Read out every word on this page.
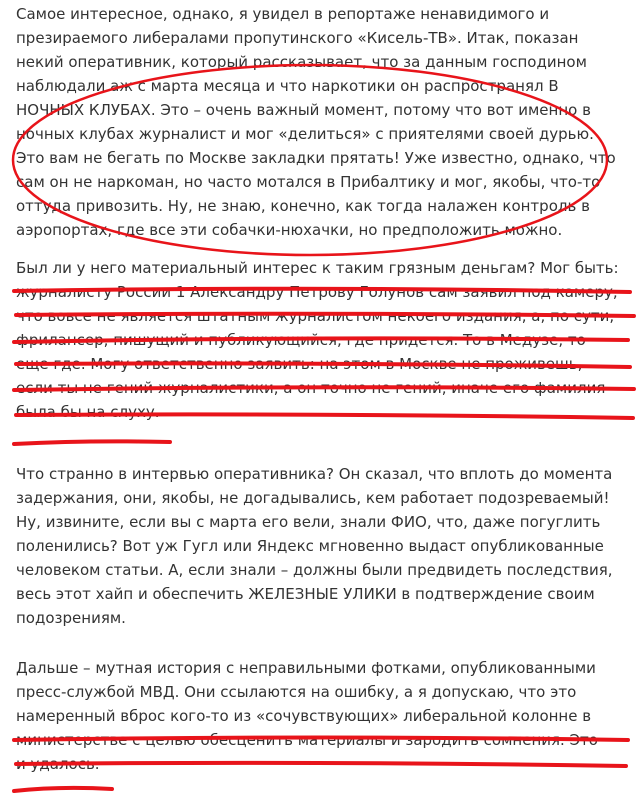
Самое интересное, однако, я увидел в репортаже ненавидимого и
презираемого либералами пропутинского «Кисель-ТВ». Итак, показан
некий оперативник, который рассказывает, что за данным господином
наблюдали аж с марта месяца и что наркотики он распространял В
НОЧНЫХ КЛУБАХ. Это – очень важный момент, потому что вот именно в
ночных клубах журналист и мог «делиться» с приятелями своей дурью.
Это вам не бегать по Москве закладки прятать! Уже известно, однако, что
сам он не наркоман, но часто мотался в Прибалтику и мог, якобы, что-то
оттуда привозить. Ну, не знаю, конечно, как тогда налажен контроль в
аэропортах, где все эти собачки-нюхачки, но предположить можно.
Был ли у него материальный интерес к таким грязным деньгам? Мог быть:
журналисту России 1 Александру Петрову Голунов сам заявил под камеру,
что вовсе не является штатным журналистом некоего издания, а, по сути,
фрилансер, пишущий и публикующийся, где придется. То в Медузе, то
еще где. Могу ответственно заявить: на этом в Москве не проживешь,
если ты не гений журналистики, а он точно не гений, иначе его фамилия
была бы на слуху.
Что странно в интервью оперативника? Он сказал, что вплоть до момента
задержания, они, якобы, не догадывались, кем работает подозреваемый!
Ну, извините, если вы с марта его вели, знали ФИО, что, даже погуглить
поленились? Вот уж Гугл или Яндекс мгновенно выдаст опубликованные
человеком статьи. А, если знали – должны были предвидеть последствия,
весь этот хайп и обеспечить ЖЕЛЕЗНЫЕ УЛИКИ в подтверждение своим
подозрениям.
Дальше – мутная история с неправильными фотками, опубликованными
пресс-службой МВД. Они ссылаются на ошибку, а я допускаю, что это
намеренный вброс кого-то из «сочувствующих» либеральной колонне в
министерстве с целью обесценить материалы и зародить сомнения. Это
и удалось.
